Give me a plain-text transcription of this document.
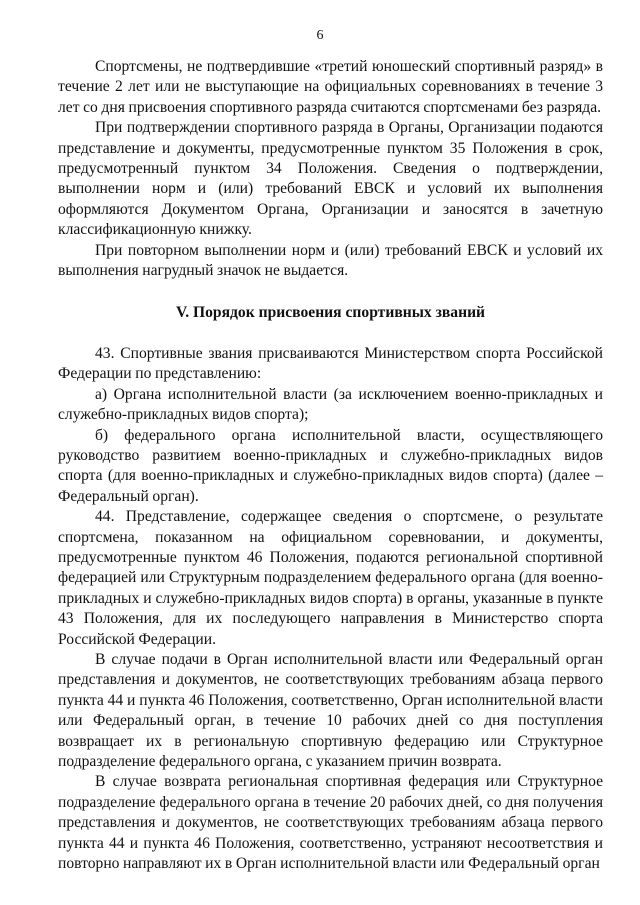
6

Спортсмены, не подтвердившие «третий юношеский спортивный разряд» в течение 2 лет или не выступающие на официальных соревнованиях в течение 3 лет со дня присвоения спортивного разряда считаются спортсменами без разряда.

При подтверждении спортивного разряда в Органы, Организации подаются представление и документы, предусмотренные пунктом 35 Положения в срок, предусмотренный пунктом 34 Положения. Сведения о подтверждении, выполнении норм и (или) требований ЕВСК и условий их выполнения оформляются Документом Органа, Организации и заносятся в зачетную классификационную книжку.

При повторном выполнении норм и (или) требований ЕВСК и условий их выполнения нагрудный значок не выдается.

V. Порядок присвоения спортивных званий

43. Спортивные звания присваиваются Министерством спорта Российской Федерации по представлению:

а) Органа исполнительной власти (за исключением военно-прикладных и служебно-прикладных видов спорта);

б) федерального органа исполнительной власти, осуществляющего руководство развитием военно-прикладных и служебно-прикладных видов спорта (для военно-прикладных и служебно-прикладных видов спорта) (далее – Федеральный орган).

44. Представление, содержащее сведения о спортсмене, о результате спортсмена, показанном на официальном соревновании, и документы, предусмотренные пунктом 46 Положения, подаются региональной спортивной федерацией или Структурным подразделением федерального органа (для военно-прикладных и служебно-прикладных видов спорта) в органы, указанные в пункте 43 Положения, для их последующего направления в Министерство спорта Российской Федерации.

В случае подачи в Орган исполнительной власти или Федеральный орган представления и документов, не соответствующих требованиям абзаца первого пункта 44 и пункта 46 Положения, соответственно, Орган исполнительной власти или Федеральный орган, в течение 10 рабочих дней со дня поступления возвращает их в региональную спортивную федерацию или Структурное подразделение федерального органа, с указанием причин возврата.

В случае возврата региональная спортивная федерация или Структурное подразделение федерального органа в течение 20 рабочих дней, со дня получения представления и документов, не соответствующих требованиям абзаца первого пункта 44 и пункта 46 Положения, соответственно, устраняют несоответствия и повторно направляют их в Орган исполнительной власти или Федеральный орган
